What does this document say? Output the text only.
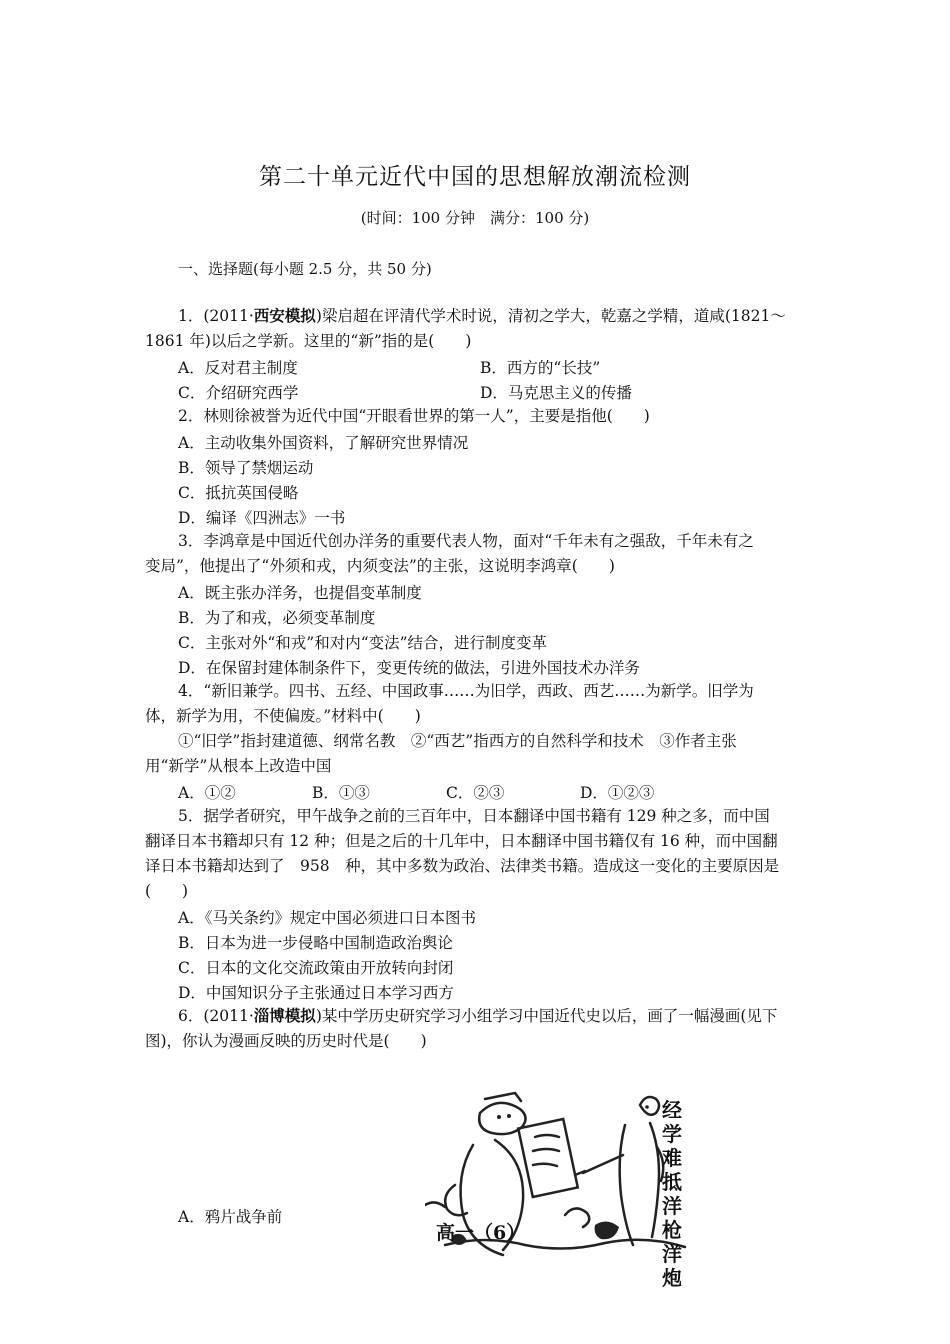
第二十单元近代中国的思想解放潮流检测
(时间：100 分钟　满分：100 分)
一、选择题(每小题 2.5 分，共 50 分)
1．(2011·西安模拟)梁启超在评清代学术时说，清初之学大，乾嘉之学精，道咸(1821～
1861 年)以后之学新。这里的“新”指的是(　　)
A．反对君主制度	B．西方的“长技”
C．介绍研究西学	D．马克思主义的传播
2．林则徐被誉为近代中国“开眼看世界的第一人”，主要是指他(　　)
A．主动收集外国资料，了解研究世界情况
B．领导了禁烟运动
C．抵抗英国侵略
D．编译《四洲志》一书
3．李鸿章是中国近代创办洋务的重要代表人物，面对“千年未有之强敌，千年未有之
变局”，他提出了“外须和戎，内须变法”的主张，这说明李鸿章(　　)
A．既主张办洋务，也提倡变革制度
B．为了和戎，必须变革制度
C．主张对外“和戎”和对内“变法”结合，进行制度变革
D．在保留封建体制条件下，变更传统的做法，引进外国技术办洋务
4．“新旧兼学。四书、五经、中国政事……为旧学，西政、西艺……为新学。旧学为
体，新学为用，不使偏废。”材料中(　　)
①“旧学”指封建道德、纲常名教　②“西艺”指西方的自然科学和技术　③作者主张
用“新学”从根本上改造中国
A．①②	B．①③	C．②③	D．①②③
5．据学者研究，甲午战争之前的三百年中，日本翻译中国书籍有 129 种之多，而中国
翻译日本书籍却只有 12 种；但是之后的十几年中，日本翻译中国书籍仅有 16 种，而中国翻
译日本书籍却达到了　958　种，其中多数为政治、法律类书籍。造成这一变化的主要原因是
(　　)
A．《马关条约》规定中国必须进口日本图书
B．日本为进一步侵略中国制造政治舆论
C．日本的文化交流政策由开放转向封闭
D．中国知识分子主张通过日本学习西方
6．(2011·淄博模拟)某中学历史研究学习小组学习中国近代史以后，画了一幅漫画(见下
图)，你认为漫画反映的历史时代是(　　)
A．鸦片战争前
经学难抵洋枪洋炮
高一（6）
